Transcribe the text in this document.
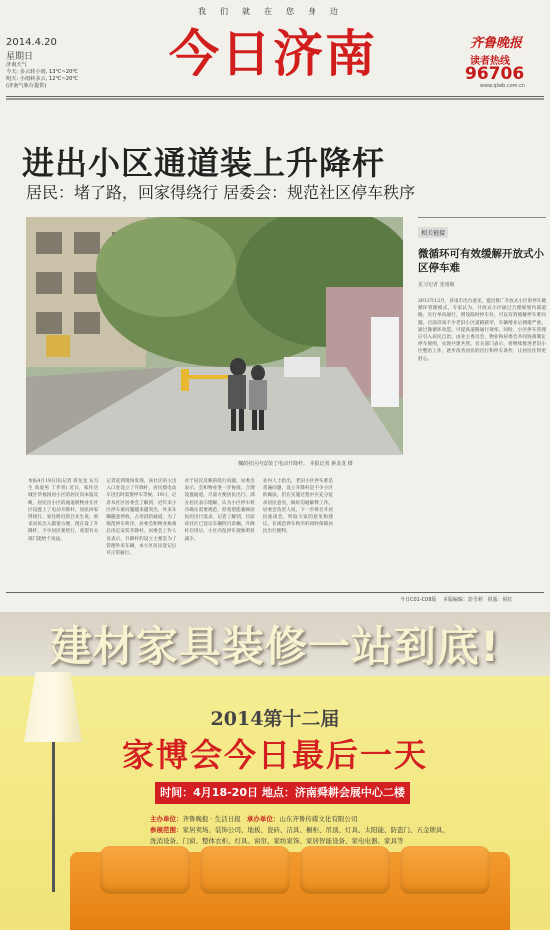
我们就在您身边
今日济南
2014.4.20
星期日
济南天气
今天: 多云转小雨, 13℃~20℃
明天: 小雨转多云, 12℃~20℃
(济南气象台提供)
齐鲁晚报
读者热线
96706
www.qlwb.com.cn
进出小区通道装上升降杆
居民：堵了路，回家得绕行 居委会：规范社区停车秩序
槐荫社区内安装了电动升降杆。 本报记者 蒋龙龙 摄

本报4月19日讯(记者 蒋龙龙 实习生 高爱男 丁步青) 近日，家住历城区华福园居小区的居民向本报反映，居民出小区的通道被物业在社区设置上了电动升降杆，居民回家得绕行。家住附近的吕先生说，原来居民出入都很方便，现在设了升降杆，不少居民要绕行，希望有关部门能给个说法。

记者赶到现场发现，该社区的主出入口处设立了升降杆，居民骑电动车进出时需要停车等候。19日，记者从社区居委会了解到，近年来小区停车难问题越来越突出，外来车辆随意停放，占用消防通道，为了规范停车秩序，居委会和物业协商后决定安装升降杆。居委会工作人员表示，升降杆的设立主要是为了管理外来车辆，本小区居民登记后可正常通行。

对于居民反映的绕行问题，居委会表示，会和物业进一步协商，合理设置通道，尽量方便居民出行。部分居民表示理解，认为小区停车秩序确实需要规范，但希望能兼顾居民的出行需求。记者了解到，目前该社区已登记车辆四百余辆，升降杆启用后，小区内乱停车现象明显减少。

业内人士指出，老旧小区停车难是普遍问题，设立升降杆是不少小区的做法，但在实施过程中应充分征求居民意见，做好沟通解释工作。居委会负责人说，下一步将召开居民座谈会，听取大家的意见和建议，在规范停车秩序的同时保障居民出行便利。

相关链接
微循环可有效缓解开放式小区停车难
见习记者 张雨敏
2013年12月，济南市出台意见，提出推广开放式小区的停车微循环管理模式。专家认为，开放式小区通过合理规划内部道路，实行单向通行，增设临时停车位，可以有效缓解停车难问题。目前济南不少老旧小区道路狭窄，车辆增多后拥堵严重，通过微循环改造，可提高道路通行效率。同时，小区停车管理应引入居民自治，由业主委员会、物业和居委会共同协商制定停车规则，实现共建共管。有关部门表示，将继续推进老旧小区整治工作，逐步改善居民的出行和停车条件，让居民住得更舒心。
今日C01-C08版 本版编辑：彭雪莉 组版：候红
建材家具装修一站到底!
2014第十二届
家博会今日最后一天
时间：4月18-20日 地点：济南舜耕会展中心二楼
主办单位：齐鲁晚报 · 生活日报 承办单位：山东齐鲁传媒文化有限公司
参展范围：家居卖场、装饰公司、地板、瓷砖、洁具、橱柜、吊顶、灯具、太阳能、防盗门、五金锁具、洗消设备、门窗、整体衣柜、灯具、窗帘、家纺家饰、家居智能设备、家电电器、家具等
